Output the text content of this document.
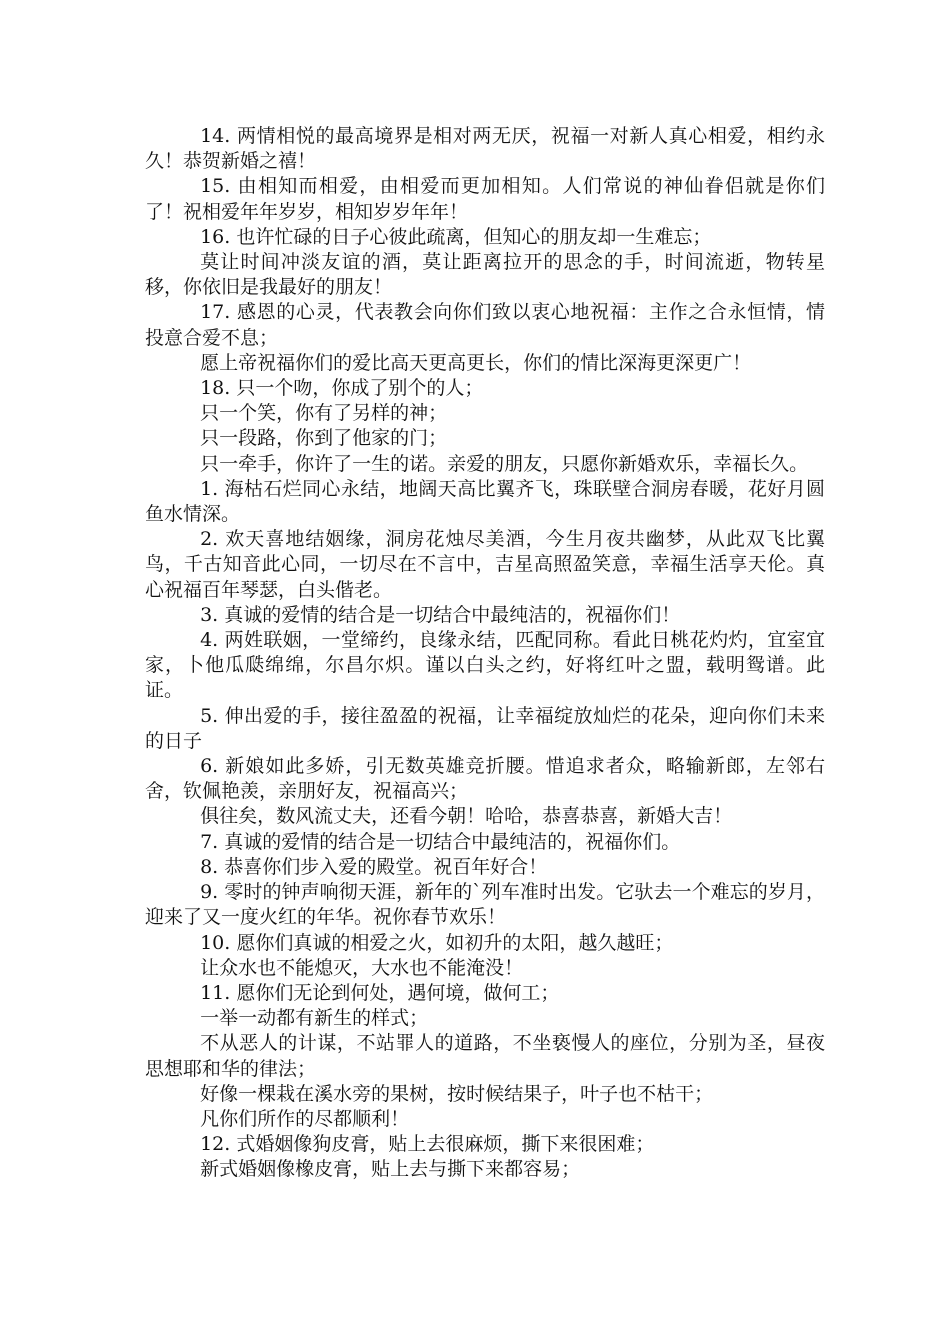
14. 两情相悦的最高境界是相对两无厌，祝福一对新人真心相爱，相约永久！恭贺新婚之禧！

15. 由相知而相爱，由相爱而更加相知。人们常说的神仙眷侣就是你们了！祝相爱年年岁岁，相知岁岁年年！

16. 也许忙碌的日子心彼此疏离，但知心的朋友却一生难忘；

莫让时间冲淡友谊的酒，莫让距离拉开的思念的手，时间流逝，物转星移，你依旧是我最好的朋友！

17. 感恩的心灵，代表教会向你们致以衷心地祝福：主作之合永恒情，情投意合爱不息；

愿上帝祝福你们的爱比高天更高更长，你们的情比深海更深更广！

18. 只一个吻，你成了别个的人；

只一个笑，你有了另样的神；

只一段路，你到了他家的门；

只一牵手，你许了一生的诺。亲爱的朋友，只愿你新婚欢乐，幸福长久。

1. 海枯石烂同心永结，地阔天高比翼齐飞，珠联壁合洞房春暖，花好月圆鱼水情深。

2. 欢天喜地结姻缘，洞房花烛尽美酒，今生月夜共幽梦，从此双飞比翼鸟，千古知音此心同，一切尽在不言中，吉星高照盈笑意，幸福生活享天伦。真心祝福百年琴瑟，白头偕老。

3. 真诚的爱情的结合是一切结合中最纯洁的，祝福你们！

4. 两姓联姻，一堂缔约，良缘永结，匹配同称。看此日桃花灼灼，宜室宜家，卜他瓜瓞绵绵，尔昌尔炽。谨以白头之约，好将红叶之盟，载明鸳谱。此证。

5. 伸出爱的手，接往盈盈的祝福，让幸福绽放灿烂的花朵，迎向你们未来的日子

6. 新娘如此多娇，引无数英雄竞折腰。惜追求者众，略输新郎，左邻右舍，钦佩艳羡，亲朋好友，祝福高兴；

俱往矣，数风流丈夫，还看今朝！哈哈，恭喜恭喜，新婚大吉！

7. 真诚的爱情的结合是一切结合中最纯洁的，祝福你们。

8. 恭喜你们步入爱的殿堂。祝百年好合！

9. 零时的钟声响彻天涯，新年的`列车准时出发。它驮去一个难忘的岁月，迎来了又一度火红的年华。祝你春节欢乐！

10. 愿你们真诚的相爱之火，如初升的太阳，越久越旺；

让众水也不能熄灭，大水也不能淹没！

11. 愿你们无论到何处，遇何境，做何工；

一举一动都有新生的样式；

不从恶人的计谋，不站罪人的道路，不坐亵慢人的座位，分别为圣，昼夜思想耶和华的律法；

好像一棵栽在溪水旁的果树，按时候结果子，叶子也不枯干；

凡你们所作的尽都顺利！

12. 式婚姻像狗皮膏，贴上去很麻烦，撕下来很困难；

新式婚姻像橡皮膏，贴上去与撕下来都容易；
